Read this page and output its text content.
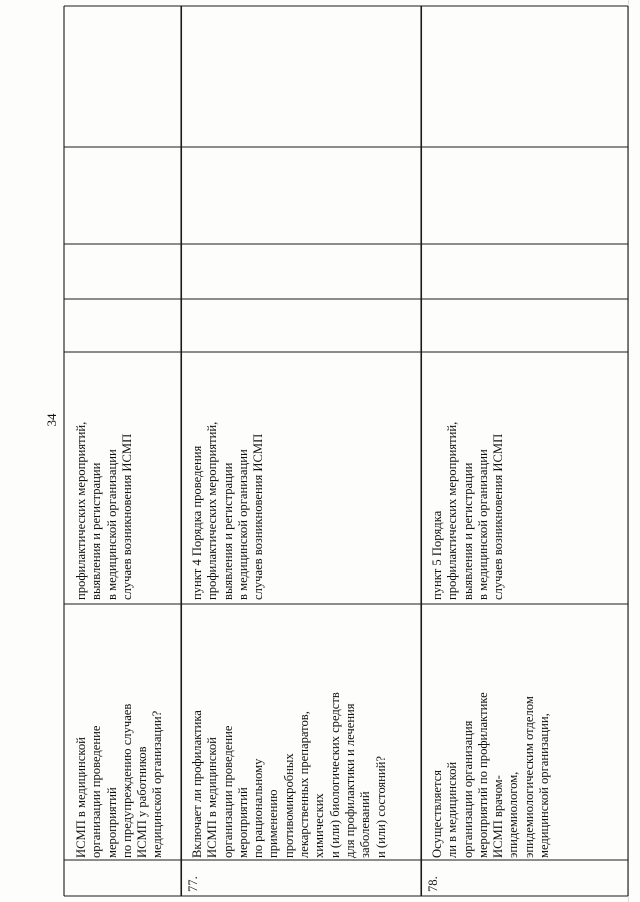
34
ИСМП в медицинской организации проведение мероприятий по предупреждению случаев ИСМП у работников медицинской организации?
профилактических мероприятий, выявления и регистрации в медицинской организации случаев возникновения ИСМП
77.
Включает ли профилактика ИСМП в медицинской организации проведение мероприятий по рациональному применению противомикробных лекарственных препаратов, химических и (или) биологических средств для профилактики и лечения заболеваний и (или) состояний?
пункт 4 Порядка проведения профилактических мероприятий, выявления и регистрации в медицинской организации случаев возникновения ИСМП
78.
Осуществляется ли в медицинской организации организация мероприятий по профилактике ИСМП врачом- эпидемиологом, эпидемиологическим отделом медицинской организации,
пункт 5 Порядка профилактических мероприятий, выявления и регистрации в медицинской организации случаев возникновения ИСМП
